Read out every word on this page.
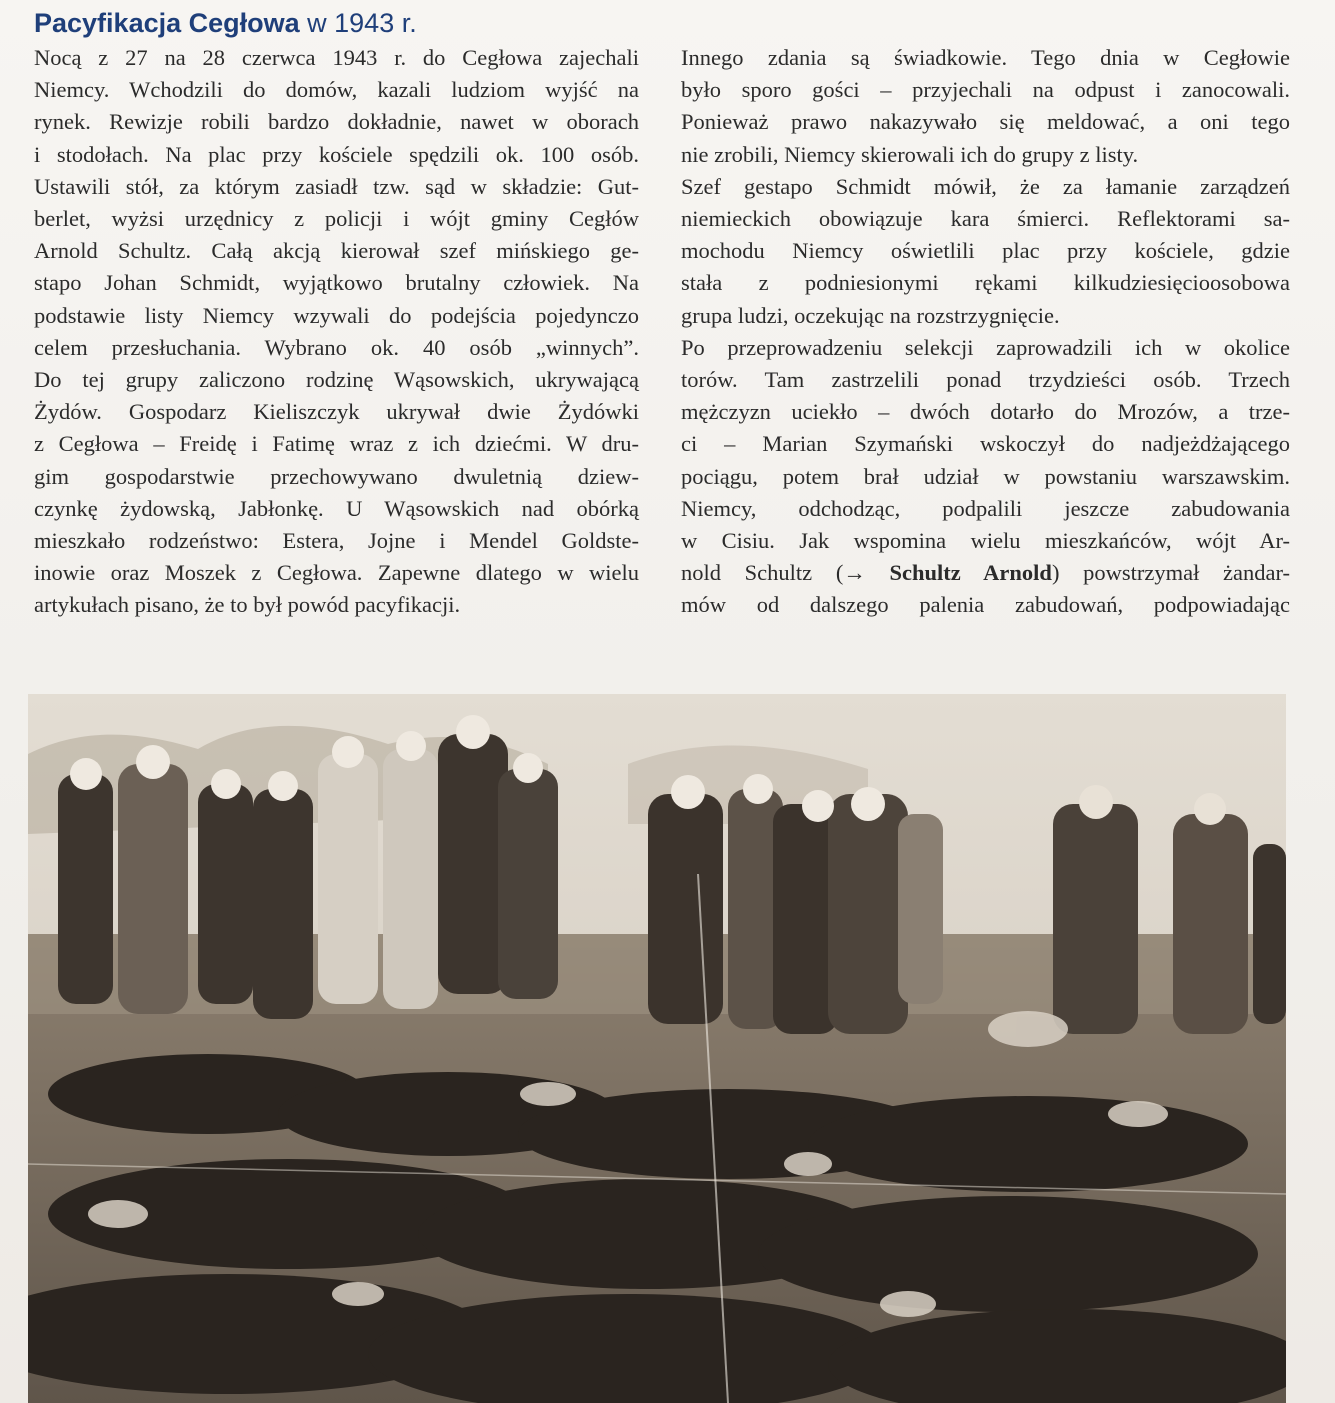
Pacyfikacja Cegłowa w 1943 r.
Nocą z 27 na 28 czerwca 1943 r. do Cegłowa zajechali
Niemcy. Wchodzili do domów, kazali ludziom wyjść na
rynek. Rewizje robili bardzo dokładnie, nawet w oborach
i stodołach. Na plac przy kościele spędzili ok. 100 osób.
Ustawili stół, za którym zasiadł tzw. sąd w składzie: Gut-
berlet, wyżsi urzędnicy z policji i wójt gminy Cegłów
Arnold Schultz. Całą akcją kierował szef mińskiego ge-
stapo Johan Schmidt, wyjątkowo brutalny człowiek. Na
podstawie listy Niemcy wzywali do podejścia pojedynczo
celem przesłuchania. Wybrano ok. 40 osób „winnych”.
Do tej grupy zaliczono rodzinę Wąsowskich, ukrywającą
Żydów. Gospodarz Kieliszczyk ukrywał dwie Żydówki
z Cegłowa – Freidę i Fatimę wraz z ich dziećmi. W dru-
gim gospodarstwie przechowywano dwuletnią dziew-
czynkę żydowską, Jabłonkę. U Wąsowskich nad obórką
mieszkało rodzeństwo: Estera, Jojne i Mendel Goldste-
inowie oraz Moszek z Cegłowa. Zapewne dlatego w wielu
artykułach pisano, że to był powód pacyfikacji.
Innego zdania są świadkowie. Tego dnia w Cegłowie
było sporo gości – przyjechali na odpust i zanocowali.
Ponieważ prawo nakazywało się meldować, a oni tego
nie zrobili, Niemcy skierowali ich do grupy z listy.
Szef gestapo Schmidt mówił, że za łamanie zarządzeń
niemieckich obowiązuje kara śmierci. Reflektorami sa-
mochodu Niemcy oświetlili plac przy kościele, gdzie
stała z podniesionymi rękami kilkudziesięcioosobowa
grupa ludzi, oczekując na rozstrzygnięcie.
Po przeprowadzeniu selekcji zaprowadzili ich w okolice
torów. Tam zastrzelili ponad trzydzieści osób. Trzech
mężczyzn uciekło – dwóch dotarło do Mrozów, a trze-
ci – Marian Szymański wskoczył do nadjeżdżającego
pociągu, potem brał udział w powstaniu warszawskim.
Niemcy, odchodząc, podpalili jeszcze zabudowania
w Cisiu. Jak wspomina wielu mieszkańców, wójt Ar-
nold Schultz (→ Schultz Arnold) powstrzymał żandar-
mów od dalszego palenia zabudowań, podpowiadając
